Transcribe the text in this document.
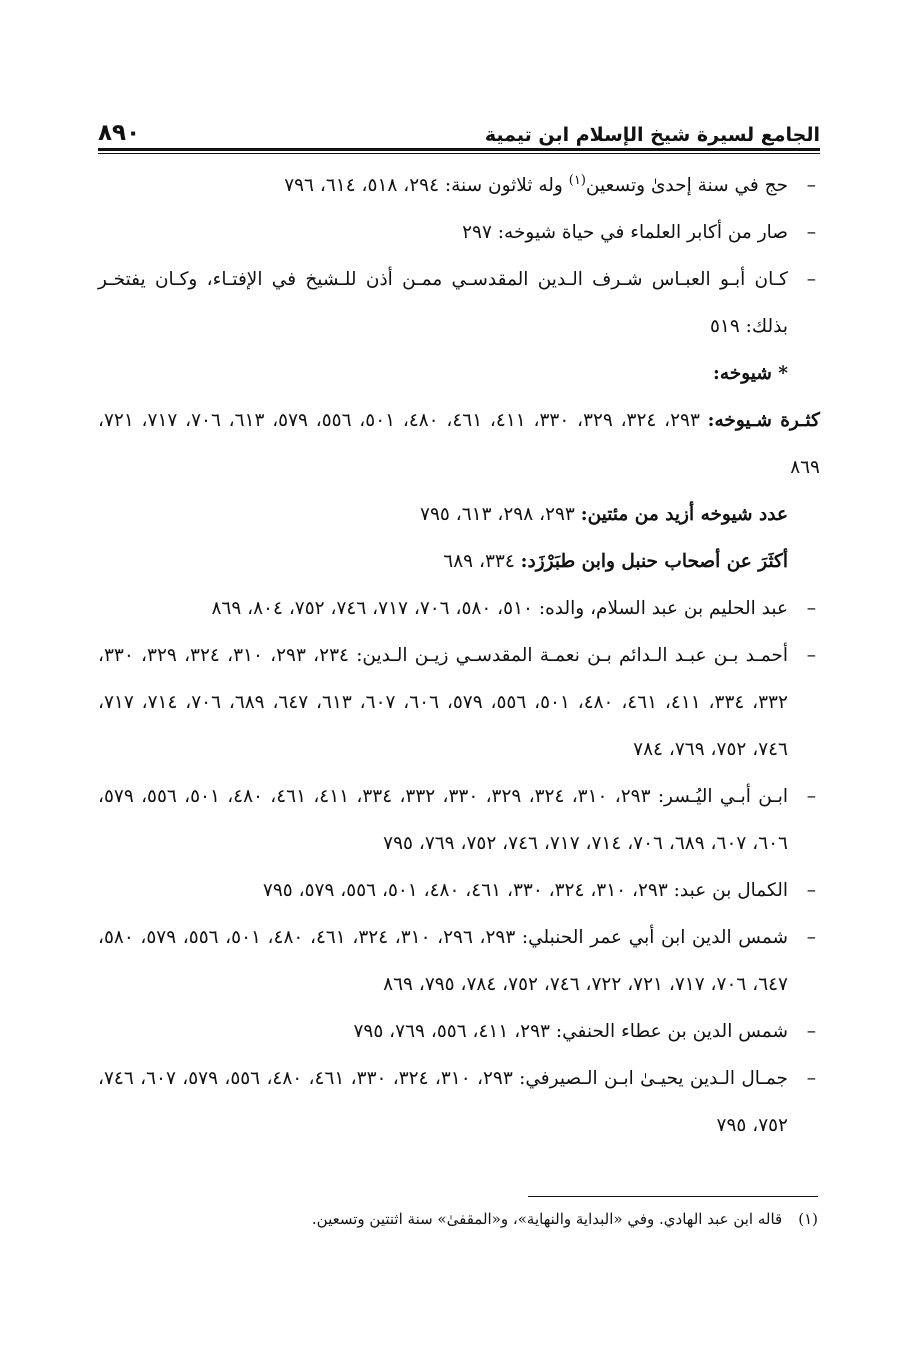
الجامع لسيرة شيخ الإسلام ابن تيمية
٨٩٠
–
حج في سنة إحدىٰ وتسعين$^{(١)}$ وله ثلاثون سنة: ٢٩٤، ٥١٨، ٦١٤، ٧٩٦
–
صار من أكابر العلماء في حياة شيوخه: ٢٩٧
–
كـان أبـو العبـاس شـرف الـدين المقدسـي ممـن أذن للـشيخ في الإفتـاء، وكـان يفتخـر بذلك: ٥١٩
* شيوخه:
كثـرة شـيوخه: ٢٩٣، ٣٢٤، ٣٢٩، ٣٣٠، ٤١١، ٤٦١، ٤٨٠، ٥٠١، ٥٥٦، ٥٧٩، ٦١٣، ٧٠٦، ٧١٧، ٧٢١، ٨٦٩
عدد شيوخه أزيد من مئتين: ٢٩٣، ٢٩٨، ٦١٣، ٧٩٥
أكثَرَ عن أصحاب حنبل وابن طبَرْزَد: ٣٣٤، ٦٨٩
–
عبد الحليم بن عبد السلام، والده: ٥١٠، ٥٨٠، ٧٠٦، ٧١٧، ٧٤٦، ٧٥٢، ٨٠٤، ٨٦٩
–
أحمـد بـن عبـد الـدائم بـن نعمـة المقدسـي زيـن الـدين: ٢٣٤، ٢٩٣، ٣١٠، ٣٢٤، ٣٢٩، ٣٣٠، ٣٣٢، ٣٣٤، ٤١١، ٤٦١، ٤٨٠، ٥٠١، ٥٥٦، ٥٧٩، ٦٠٦، ٦٠٧، ٦١٣، ٦٤٧، ٦٨٩، ٧٠٦، ٧١٤، ٧١٧، ٧٤٦، ٧٥٢، ٧٦٩، ٧٨٤
–
ابـن أبـي اليُـسر: ٢٩٣، ٣١٠، ٣٢٤، ٣٢٩، ٣٣٠، ٣٣٢، ٣٣٤، ٤١١، ٤٦١، ٤٨٠، ٥٠١، ٥٥٦، ٥٧٩، ٦٠٦، ٦٠٧، ٦٨٩، ٧٠٦، ٧١٤، ٧١٧، ٧٤٦، ٧٥٢، ٧٦٩، ٧٩٥
–
الكمال بن عبد: ٢٩٣، ٣١٠، ٣٢٤، ٣٣٠، ٤٦١، ٤٨٠، ٥٠١، ٥٥٦، ٥٧٩، ٧٩٥
–
شمس الدين ابن أبي عمر الحنبلي: ٢٩٣، ٢٩٦، ٣١٠، ٣٢٤، ٤٦١، ٤٨٠، ٥٠١، ٥٥٦، ٥٧٩، ٥٨٠، ٦٤٧، ٧٠٦، ٧١٧، ٧٢١، ٧٢٢، ٧٤٦، ٧٥٢، ٧٨٤، ٧٩٥، ٨٦٩
–
شمس الدين بن عطاء الحنفي: ٢٩٣، ٤١١، ٥٥٦، ٧٦٩، ٧٩٥
–
جمـال الـدين يحيـىٰ ابـن الـصيرفي: ٢٩٣، ٣١٠، ٣٢٤، ٣٣٠، ٤٦١، ٤٨٠، ٥٥٦، ٥٧٩، ٦٠٧، ٧٤٦، ٧٥٢، ٧٩٥
(١)قاله ابن عبد الهادي. وفي «البداية والنهاية»، و«المقفىٰ» سنة اثنتين وتسعين.
